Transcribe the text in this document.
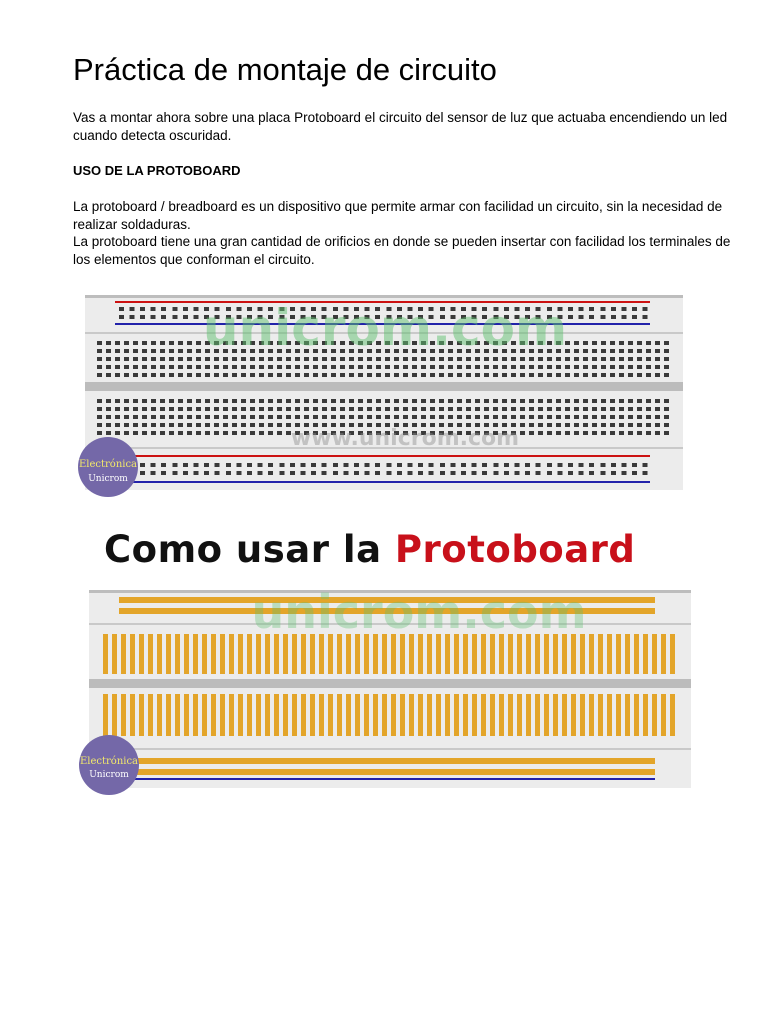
Práctica de montaje de circuito

Vas a montar ahora sobre una placa Protoboard el circuito del sensor de luz que actuaba encendiendo un led cuando detecta oscuridad.

USO DE LA PROTOBOARD

La protoboard / breadboard es un dispositivo que permite armar con facilidad un circuito, sin la necesidad de realizar soldaduras.

La protoboard tiene una gran cantidad de orificios en donde se pueden insertar con facilidad los terminales de los elementos que conforman el circuito.

unicrom.com
www.unicrom.com
Electrónica
Unicrom
Como usar la Protoboard
unicrom.com
Electrónica
Unicrom
